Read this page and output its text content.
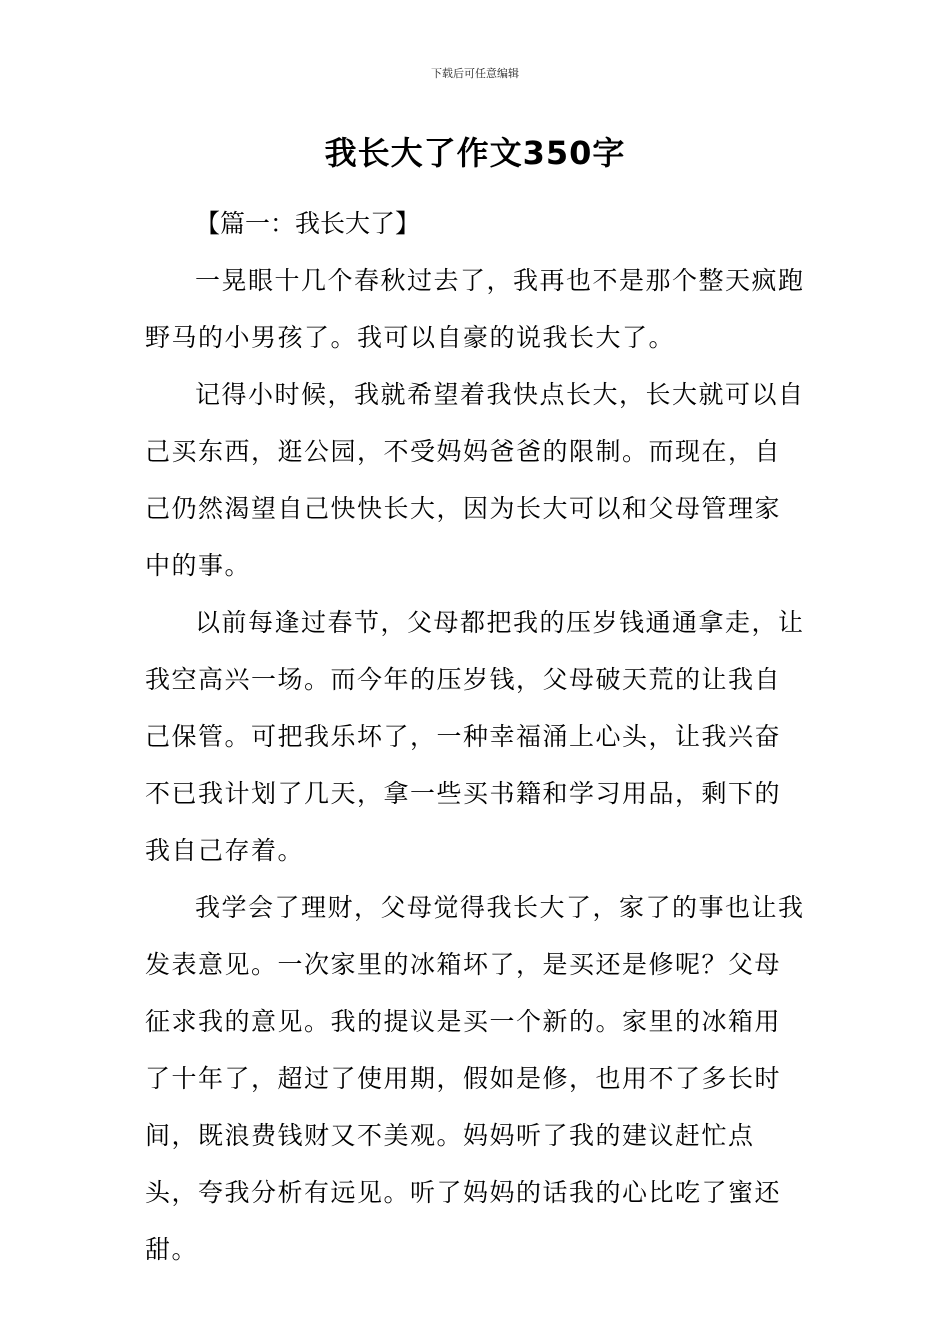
下载后可任意编辑
我长大了作文350字
【篇一：我长大了】

一晃眼十几个春秋过去了，我再也不是那个整天疯跑野马的小男孩了。我可以自豪的说我长大了。

记得小时候，我就希望着我快点长大，长大就可以自己买东西，逛公园，不受妈妈爸爸的限制。而现在，自己仍然渴望自己快快长大，因为长大可以和父母管理家中的事。

以前每逢过春节，父母都把我的压岁钱通通拿走，让我空高兴一场。而今年的压岁钱，父母破天荒的让我自己保管。可把我乐坏了，一种幸福涌上心头，让我兴奋不已我计划了几天，拿一些买书籍和学习用品，剩下的我自己存着。

我学会了理财，父母觉得我长大了，家了的事也让我发表意见。一次家里的冰箱坏了，是买还是修呢？父母征求我的意见。我的提议是买一个新的。家里的冰箱用了十年了，超过了使用期，假如是修，也用不了多长时间，既浪费钱财又不美观。妈妈听了我的建议赶忙点头，夸我分析有远见。听了妈妈的话我的心比吃了蜜还甜。
